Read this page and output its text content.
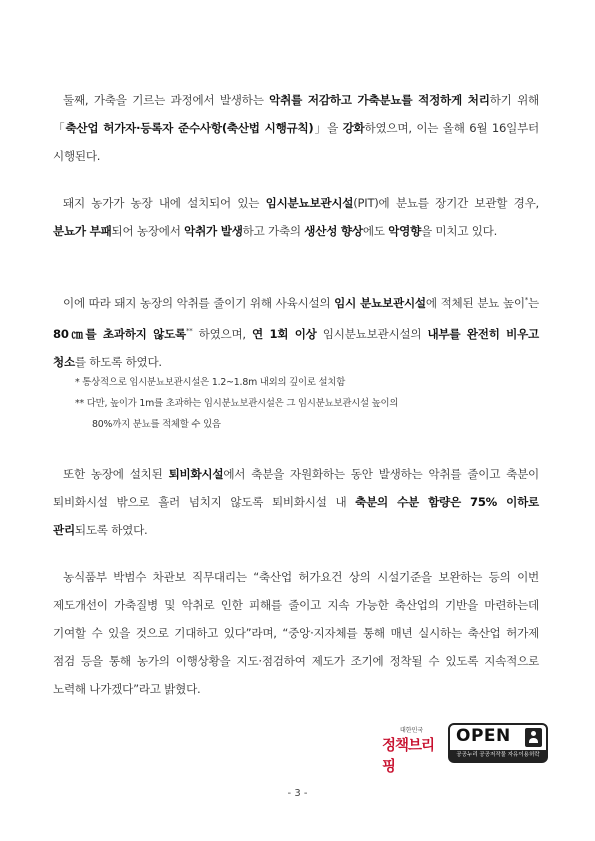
둘째, 가축을 기르는 과정에서 발생하는 악취를 저감하고 가축분뇨를 적정하게 처리하기 위해 「축산업 허가자·등록자 준수사항(축산법 시행규칙)」을 강화하였으며, 이는 올해 6월 16일부터 시행된다.
돼지 농가가 농장 내에 설치되어 있는 임시분뇨보관시설(PIT)에 분뇨를 장기간 보관할 경우, 분뇨가 부패되어 농장에서 악취가 발생하고 가축의 생산성 향상에도 악영향을 미치고 있다.
이에 따라 돼지 농장의 악취를 줄이기 위해 사육시설의 임시 분뇨보관시설에 적체된 분뇨 높이*는 80㎝를 초과하지 않도록** 하였으며, 연 1회 이상 임시분뇨보관시설의 내부를 완전히 비우고 청소를 하도록 하였다.
* 통상적으로 임시분뇨보관시설은 1.2~1.8m 내외의 깊이로 설치함
** 다만, 높이가 1m를 초과하는 임시분뇨보관시설은 그 임시분뇨보관시설 높이의
80%까지 분뇨를 적체할 수 있음
또한 농장에 설치된 퇴비화시설에서 축분을 자원화하는 동안 발생하는 악취를 줄이고 축분이 퇴비화시설 밖으로 흘러 넘치지 않도록 퇴비화시설 내 축분의 수분 함량은 75% 이하로 관리되도록 하였다.
농식품부 박범수 차관보 직무대리는 “축산업 허가요건 상의 시설기준을 보완하는 등의 이번 제도개선이 가축질병 및 악취로 인한 피해를 줄이고 지속 가능한 축산업의 기반을 마련하는데 기여할 수 있을 것으로 기대하고 있다”라며, “중앙·지자체를 통해 매년 실시하는 축산업 허가제 점검 등을 통해 농가의 이행상황을 지도·점검하여 제도가 조기에 정착될 수 있도록 지속적으로 노력해 나가겠다”라고 밝혔다.
대한민국
정책브리핑
OPEN
공공누리 공공저작물 자유이용허락
- 3 -
